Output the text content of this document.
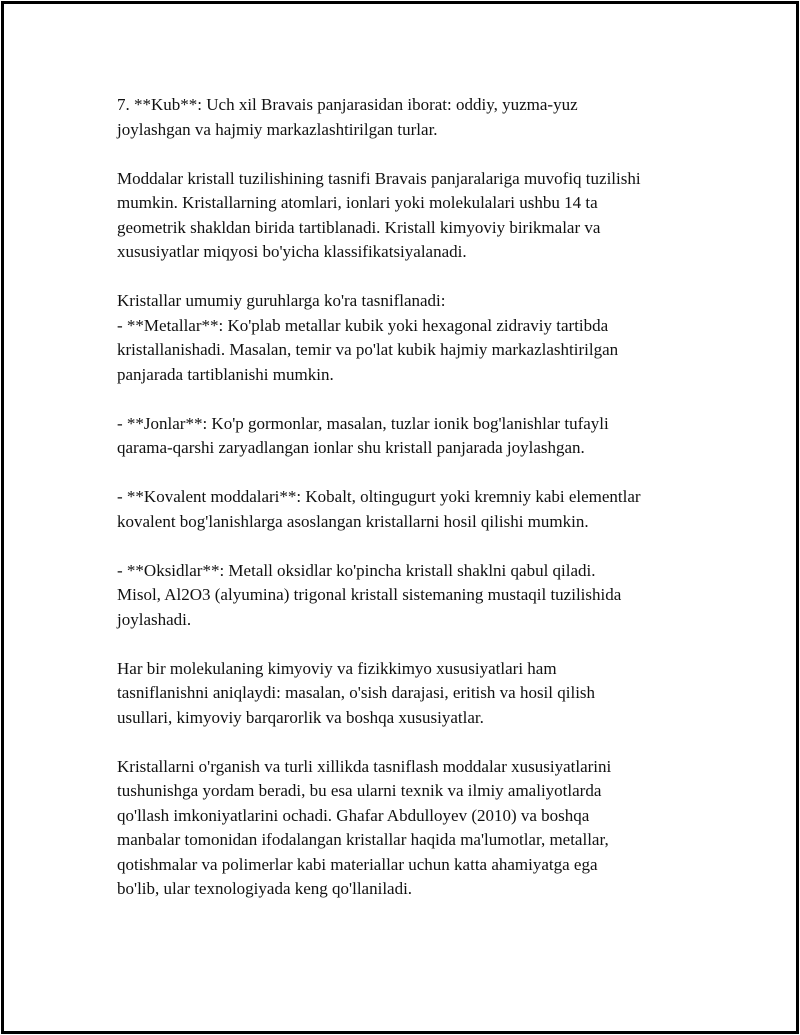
7. **Kub**: Uch xil Bravais panjarasidan iborat: oddiy, yuzma-yuz
joylashgan va hajmiy markazlashtirilgan turlar.

Moddalar kristall tuzilishining tasnifi Bravais panjaralariga muvofiq tuzilishi
mumkin. Kristallarning atomlari, ionlari yoki molekulalari ushbu 14 ta
geometrik shakldan birida tartiblanadi. Kristall kimyoviy birikmalar va
xususiyatlar miqyosi bo'yicha klassifikatsiyalanadi.

Kristallar umumiy guruhlarga ko'ra tasniflanadi:
- **Metallar**: Ko'plab metallar kubik yoki hexagonal zidraviy tartibda
kristallanishadi. Masalan, temir va po'lat kubik hajmiy markazlashtirilgan
panjarada tartiblanishi mumkin.

- **Jonlar**: Ko'p gormonlar, masalan, tuzlar ionik bog'lanishlar tufayli
qarama-qarshi zaryadlangan ionlar shu kristall panjarada joylashgan.

- **Kovalent moddalari**: Kobalt, oltingugurt yoki kremniy kabi elementlar
kovalent bog'lanishlarga asoslangan kristallarni hosil qilishi mumkin.

- **Oksidlar**: Metall oksidlar ko'pincha kristall shaklni qabul qiladi.
Misol, Al2O3 (alyumina) trigonal kristall sistemaning mustaqil tuzilishida
joylashadi.

Har bir molekulaning kimyoviy va fizikkimyo xususiyatlari ham
tasniflanishni aniqlaydi: masalan, o'sish darajasi, eritish va hosil qilish
usullari, kimyoviy barqarorlik va boshqa xususiyatlar.

Kristallarni o'rganish va turli xillikda tasniflash moddalar xususiyatlarini
tushunishga yordam beradi, bu esa ularni texnik va ilmiy amaliyotlarda
qo'llash imkoniyatlarini ochadi. Ghafar Abdulloyev (2010) va boshqa
manbalar tomonidan ifodalangan kristallar haqida ma'lumotlar, metallar,
qotishmalar va polimerlar kabi materiallar uchun katta ahamiyatga ega
bo'lib, ular texnologiyada keng qo'llaniladi.
